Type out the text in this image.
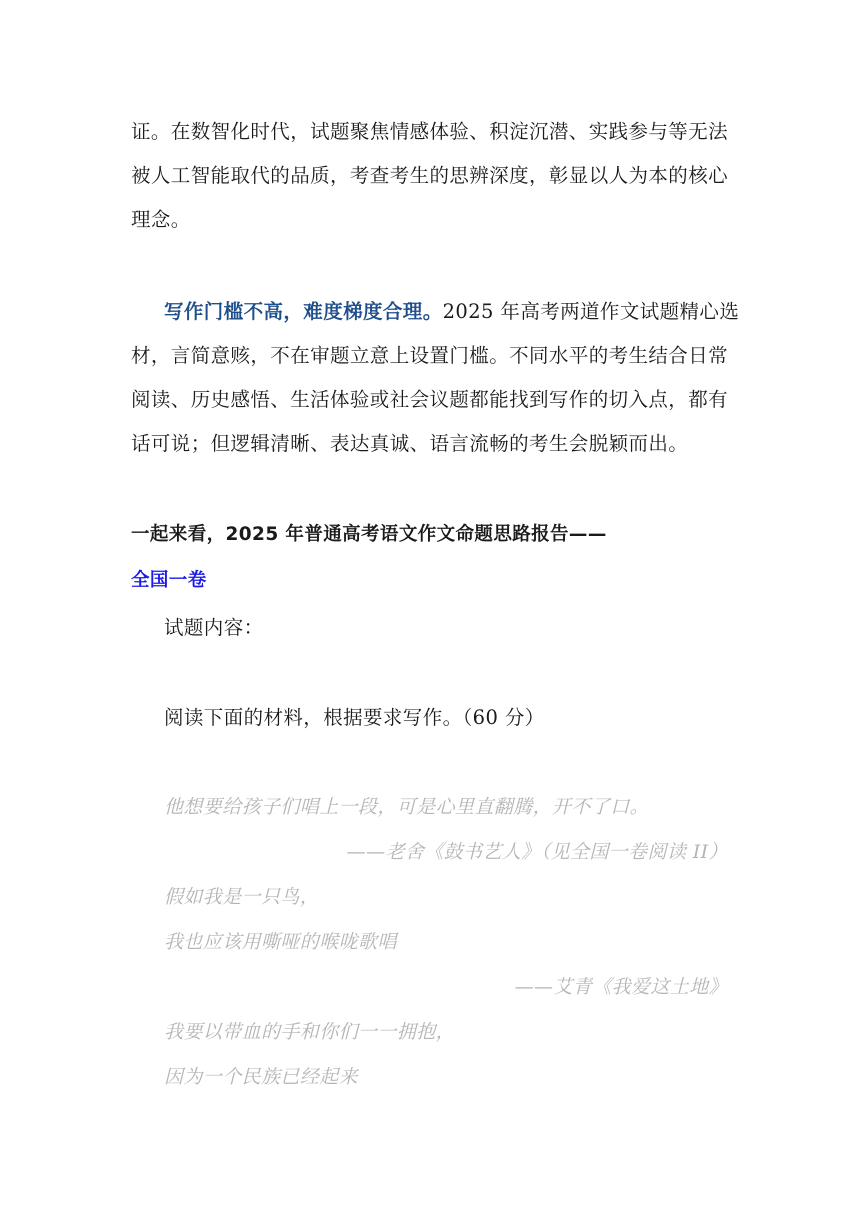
证。在数智化时代，试题聚焦情感体验、积淀沉潜、实践参与等无法
被人工智能取代的品质，考查考生的思辨深度，彰显以人为本的核心
理念。
写作门槛不高，难度梯度合理。2025 年高考两道作文试题精心选
材，言简意赅，不在审题立意上设置门槛。不同水平的考生结合日常
阅读、历史感悟、生活体验或社会议题都能找到写作的切入点，都有
话可说；但逻辑清晰、表达真诚、语言流畅的考生会脱颖而出。
一起来看，2025 年普通高考语文作文命题思路报告——
全国一卷
试题内容：
阅读下面的材料，根据要求写作。（60 分）
他想要给孩子们唱上一段，可是心里直翻腾，开不了口。
——老舍《鼓书艺人》（见全国一卷阅读 II）
假如我是一只鸟，
我也应该用嘶哑的喉咙歌唱
——艾青《我爱这土地》
我要以带血的手和你们一一拥抱，
因为一个民族已经起来
